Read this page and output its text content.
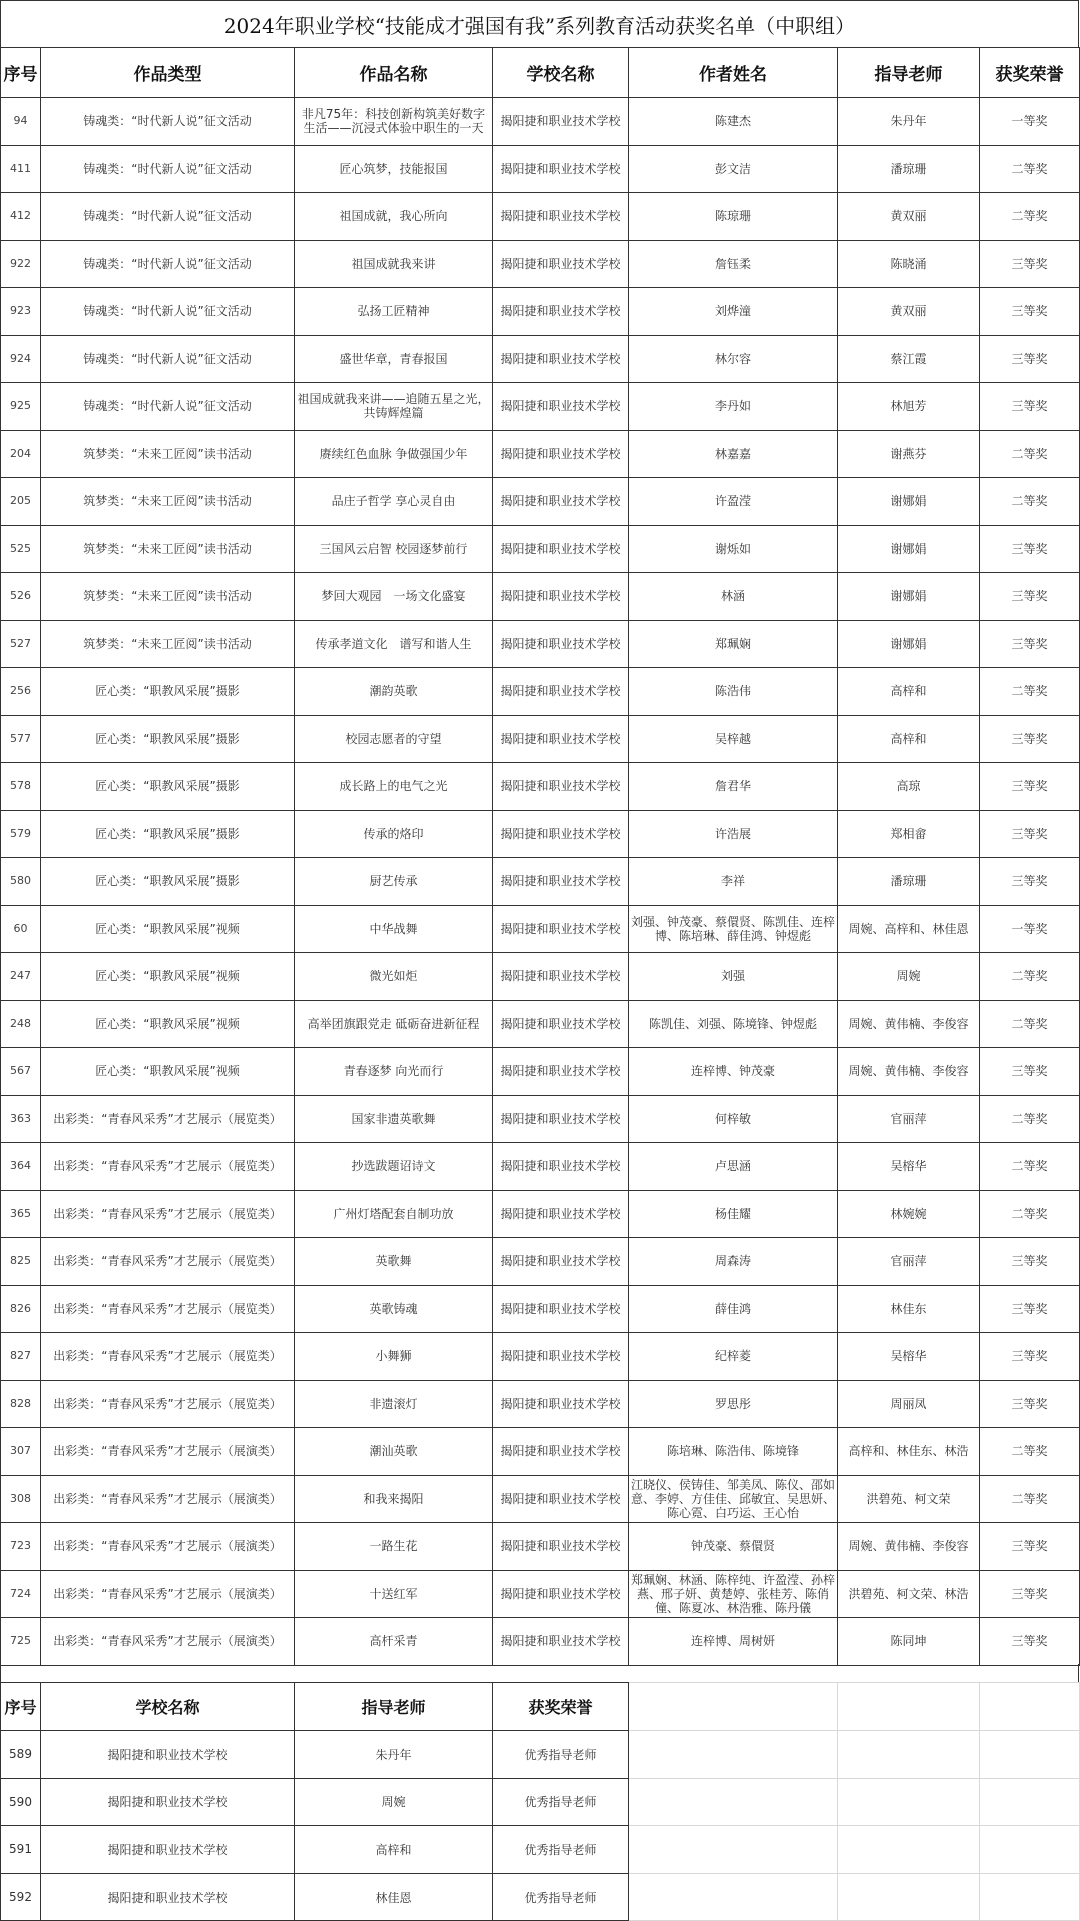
2024年职业学校“技能成才强国有我”系列教育活动获奖名单（中职组）
序号	作品类型	作品名称	学校名称	作者姓名	指导老师	获奖荣誉
94	铸魂类：“时代新人说”征文活动	非凡75年：科技创新构筑美好数字生活——沉浸式体验中职生的一天	揭阳捷和职业技术学校	陈建杰	朱丹年	一等奖
411	铸魂类：“时代新人说”征文活动	匠心筑梦，技能报国	揭阳捷和职业技术学校	彭文洁	潘琼珊	二等奖
412	铸魂类：“时代新人说”征文活动	祖国成就，我心所向	揭阳捷和职业技术学校	陈琼珊	黄双丽	二等奖
922	铸魂类：“时代新人说”征文活动	祖国成就我来讲	揭阳捷和职业技术学校	詹钰柔	陈晓涌	三等奖
923	铸魂类：“时代新人说”征文活动	弘扬工匠精神	揭阳捷和职业技术学校	刘烨潼	黄双丽	三等奖
924	铸魂类：“时代新人说”征文活动	盛世华章，青春报国	揭阳捷和职业技术学校	林尔容	蔡江霞	三等奖
925	铸魂类：“时代新人说”征文活动	祖国成就我来讲——追随五星之光，共铸辉煌篇	揭阳捷和职业技术学校	李丹如	林旭芳	三等奖
204	筑梦类：“未来工匠阅”读书活动	赓续红色血脉 争做强国少年	揭阳捷和职业技术学校	林嘉嘉	谢燕芬	二等奖
205	筑梦类：“未来工匠阅”读书活动	品庄子哲学 享心灵自由	揭阳捷和职业技术学校	许盈滢	谢娜娟	二等奖
525	筑梦类：“未来工匠阅”读书活动	三国风云启智 校园逐梦前行	揭阳捷和职业技术学校	谢烁如	谢娜娟	三等奖
526	筑梦类：“未来工匠阅”读书活动	梦回大观园　一场文化盛宴	揭阳捷和职业技术学校	林涵	谢娜娟	三等奖
527	筑梦类：“未来工匠阅”读书活动	传承孝道文化　谱写和谐人生	揭阳捷和职业技术学校	郑珮娴	谢娜娟	三等奖
256	匠心类：“职教风采展”摄影	潮韵英歌	揭阳捷和职业技术学校	陈浩伟	高梓和	二等奖
577	匠心类：“职教风采展”摄影	校园志愿者的守望	揭阳捷和职业技术学校	吴梓越	高梓和	三等奖
578	匠心类：“职教风采展”摄影	成长路上的电气之光	揭阳捷和职业技术学校	詹君华	高琼	三等奖
579	匠心类：“职教风采展”摄影	传承的烙印	揭阳捷和职业技术学校	许浩展	郑相畲	三等奖
580	匠心类：“职教风采展”摄影	厨艺传承	揭阳捷和职业技术学校	李祥	潘琼珊	三等奖
60	匠心类：“职教风采展”视频	中华战舞	揭阳捷和职业技术学校	刘强、钟茂豪、蔡儇贤、陈凯佳、连梓博、陈培琳、薛佳鸿、钟煜彪	周婉、高梓和、林佳恩	一等奖
247	匠心类：“职教风采展”视频	微光如炬	揭阳捷和职业技术学校	刘强	周婉	二等奖
248	匠心类：“职教风采展”视频	高举团旗跟党走 砥砺奋进新征程	揭阳捷和职业技术学校	陈凯佳、刘强、陈境锋、钟煜彪	周婉、黄伟楠、李俊容	二等奖
567	匠心类：“职教风采展”视频	青春逐梦 向光而行	揭阳捷和职业技术学校	连梓博、钟茂豪	周婉、黄伟楠、李俊容	三等奖
363	出彩类：“青春风采秀”才艺展示（展览类）	国家非遗英歌舞	揭阳捷和职业技术学校	何梓敏	官丽萍	二等奖
364	出彩类：“青春风采秀”才艺展示（展览类）	抄选跋题诏诗文	揭阳捷和职业技术学校	卢思涵	吴榕华	二等奖
365	出彩类：“青春风采秀”才艺展示（展览类）	广州灯塔配套自制功放	揭阳捷和职业技术学校	杨佳耀	林婉婉	二等奖
825	出彩类：“青春风采秀”才艺展示（展览类）	英歌舞	揭阳捷和职业技术学校	周森涛	官丽萍	三等奖
826	出彩类：“青春风采秀”才艺展示（展览类）	英歌铸魂	揭阳捷和职业技术学校	薛佳鸿	林佳东	三等奖
827	出彩类：“青春风采秀”才艺展示（展览类）	小舞狮	揭阳捷和职业技术学校	纪梓菱	吴榕华	三等奖
828	出彩类：“青春风采秀”才艺展示（展览类）	非遗滚灯	揭阳捷和职业技术学校	罗思彤	周丽凤	三等奖
307	出彩类：“青春风采秀”才艺展示（展演类）	潮汕英歌	揭阳捷和职业技术学校	陈培琳、陈浩伟、陈境锋	高梓和、林佳东、林浩	二等奖
308	出彩类：“青春风采秀”才艺展示（展演类）	和我来揭阳	揭阳捷和职业技术学校	江晓仪、侯铸佳、邹美凤、陈仪、邵如意、李婷、方佳佳、邱敏宜、吴思妍、陈心霓、白巧运、王心怡	洪碧苑、柯文荣	二等奖
723	出彩类：“青春风采秀”才艺展示（展演类）	一路生花	揭阳捷和职业技术学校	钟茂豪、蔡儇贤	周婉、黄伟楠、李俊容	三等奖
724	出彩类：“青春风采秀”才艺展示（展演类）	十送红军	揭阳捷和职业技术学校	郑珮娴、林涵、陈梓纯、许盈滢、孙梓燕、邢子妍、黄楚婷、张桂芳、陈俏僮、陈夏冰、林浩雅、陈丹儀	洪碧苑、柯文荣、林浩	三等奖
725	出彩类：“青春风采秀”才艺展示（展演类）	高杆采青	揭阳捷和职业技术学校	连梓博、周树妍	陈同坤	三等奖
序号	学校名称	指导老师	获奖荣誉			
589	揭阳捷和职业技术学校	朱丹年	优秀指导老师			
590	揭阳捷和职业技术学校	周婉	优秀指导老师			
591	揭阳捷和职业技术学校	高梓和	优秀指导老师			
592	揭阳捷和职业技术学校	林佳恩	优秀指导老师			
